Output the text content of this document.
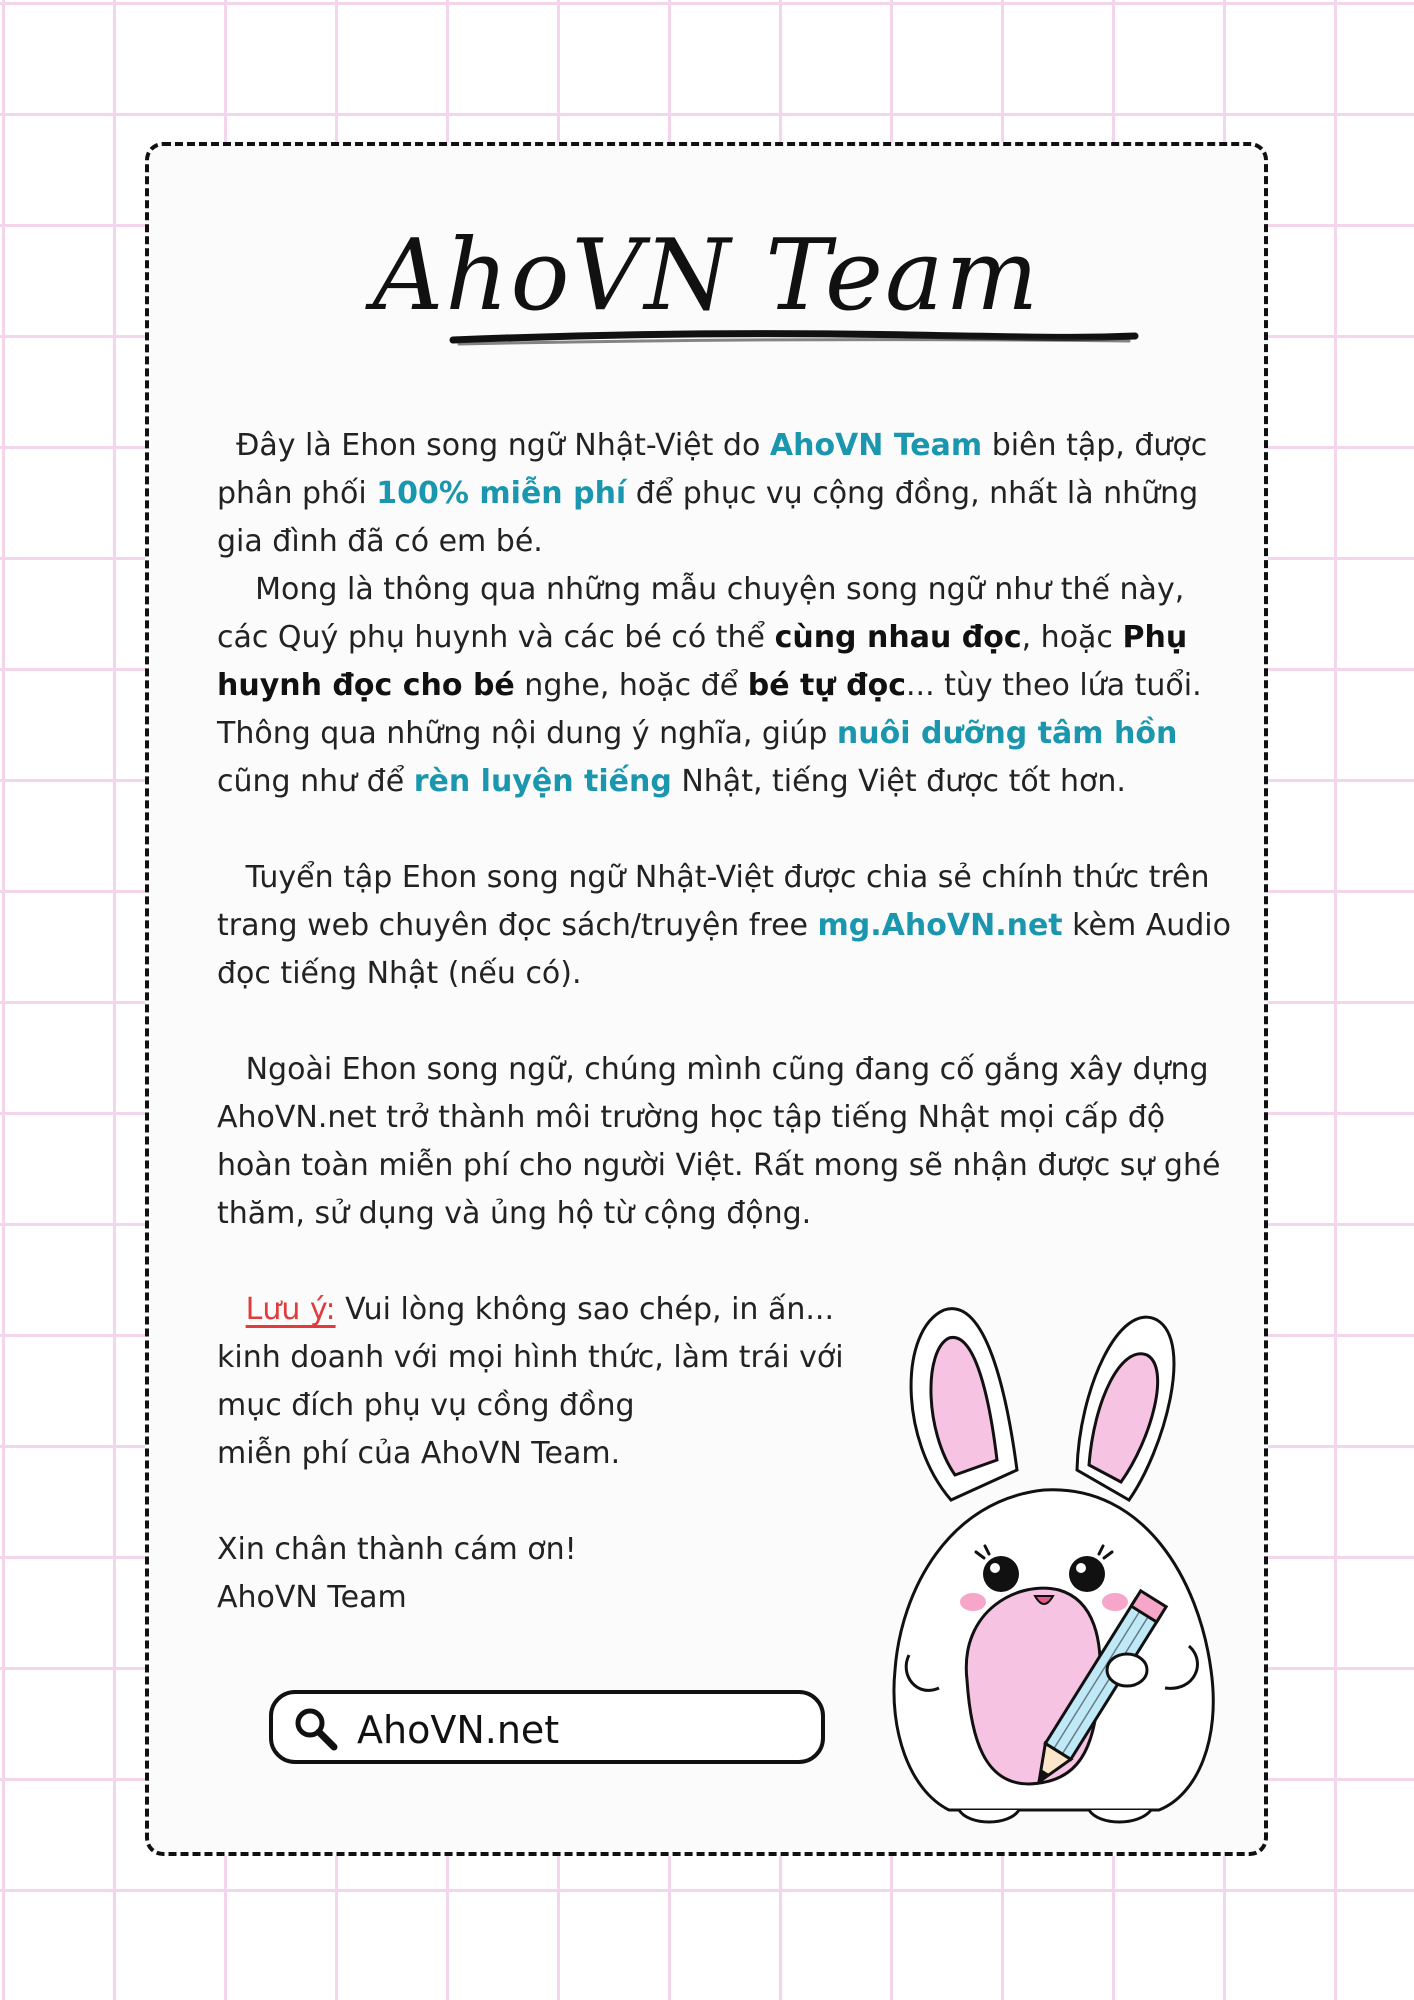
AhoVN Team

Đây là Ehon song ngữ Nhật-Việt do AhoVN Team biên tập, được phân phối 100% miễn phí để phục vụ cộng đồng, nhất là những gia đình đã có em bé.

Mong là thông qua những mẫu chuyện song ngữ như thế này, các Quý phụ huynh và các bé có thể cùng nhau đọc, hoặc Phụ huynh đọc cho bé nghe, hoặc để bé tự đọc... tùy theo lứa tuổi. Thông qua những nội dung ý nghĩa, giúp nuôi dưỡng tâm hồn cũng như để rèn luyện tiếng Nhật, tiếng Việt được tốt hơn.

Tuyển tập Ehon song ngữ Nhật-Việt được chia sẻ chính thức trên trang web chuyên đọc sách/truyện free mg.AhoVN.net kèm Audio đọc tiếng Nhật (nếu có).

Ngoài Ehon song ngữ, chúng mình cũng đang cố gắng xây dựng AhoVN.net trở thành môi trường học tập tiếng Nhật mọi cấp độ hoàn toàn miễn phí cho người Việt. Rất mong sẽ nhận được sự ghé thăm, sử dụng và ủng hộ từ cộng động.

Lưu ý: Vui lòng không sao chép, in ấn...
kinh doanh với mọi hình thức, làm trái với
mục đích phụ vụ cồng đồng
miễn phí của AhoVN Team.

Xin chân thành cám ơn!
AhoVN Team

AhoVN.net
